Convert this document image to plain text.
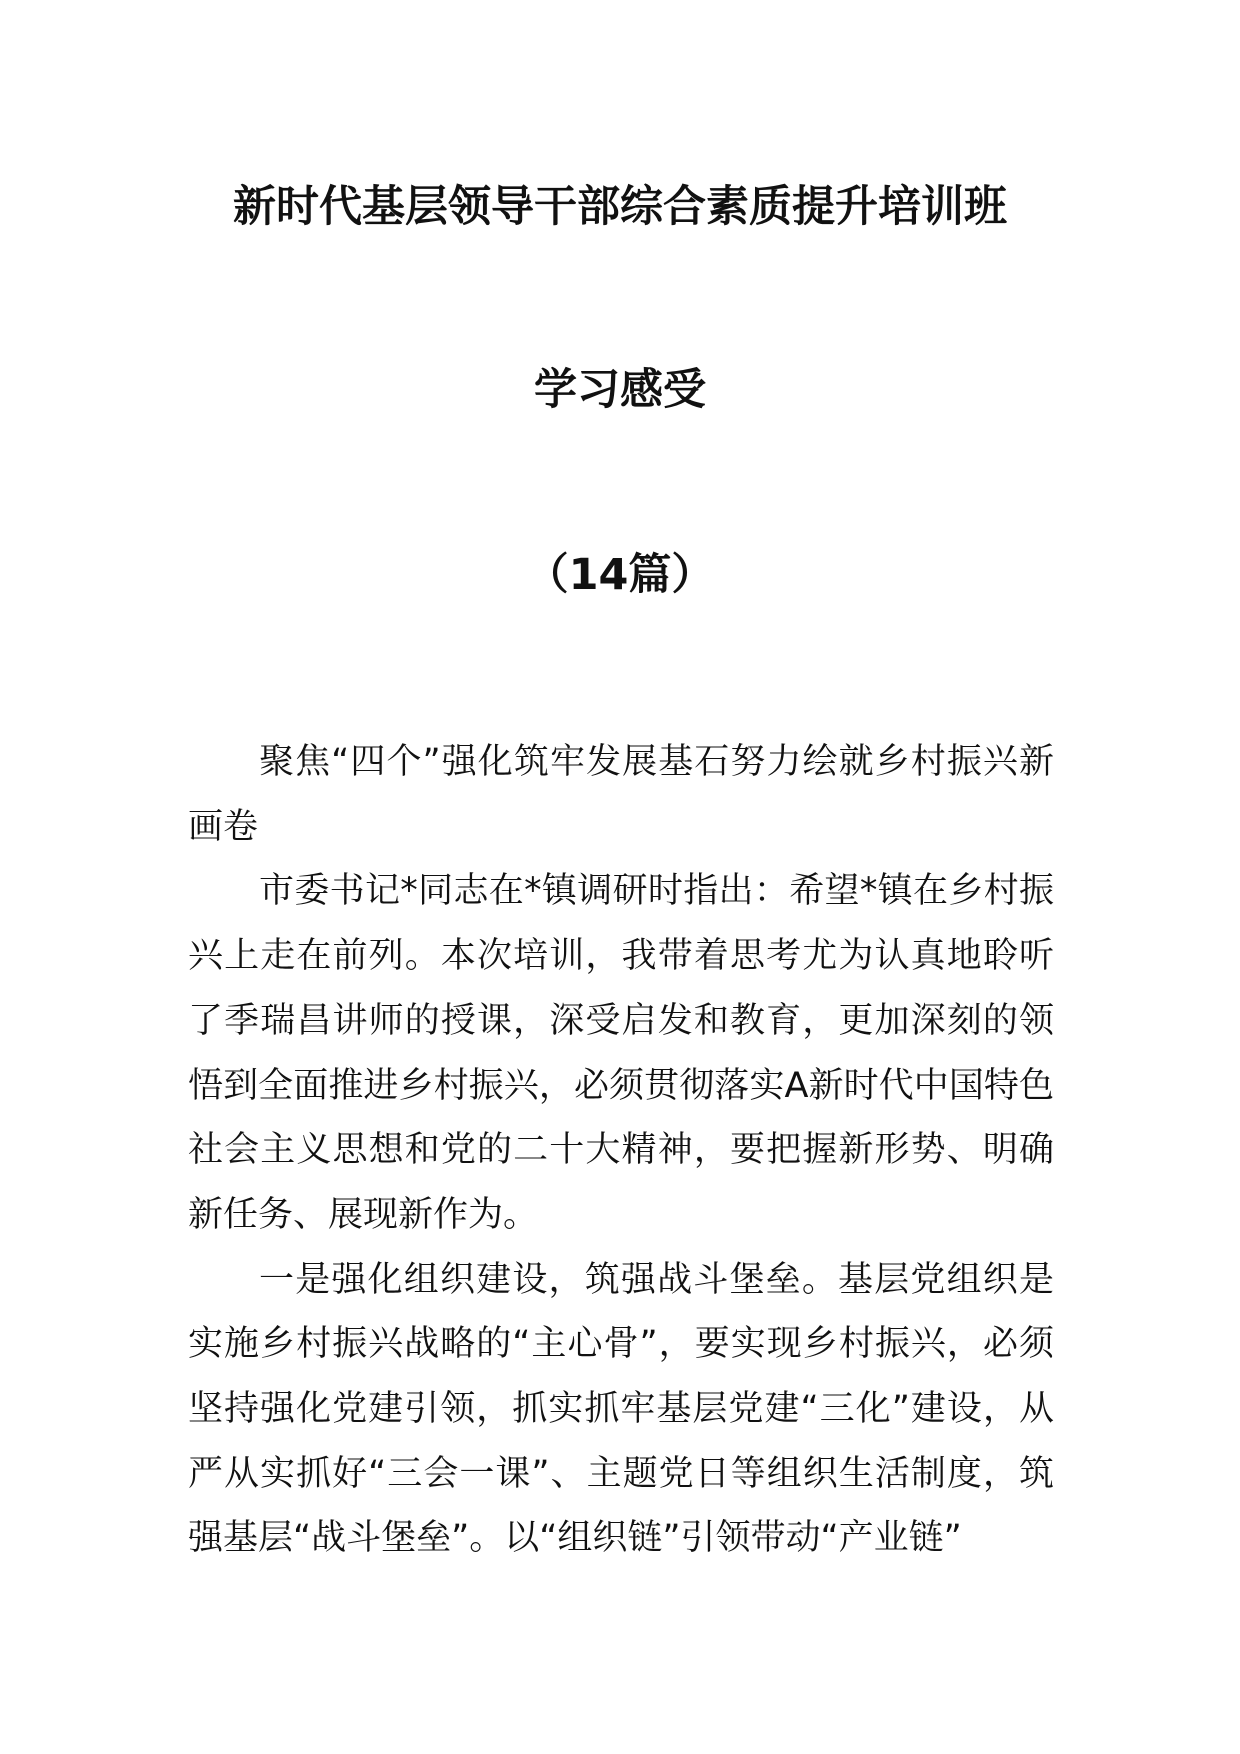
新时代基层领导干部综合素质提升培训班
学习感受
（14篇）

聚焦“四个”强化筑牢发展基石努力绘就乡村振兴新画卷

市委书记*同志在*镇调研时指出：希望*镇在乡村振兴上走在前列。本次培训，我带着思考尤为认真地聆听了季瑞昌讲师的授课，深受启发和教育，更加深刻的领悟到全面推进乡村振兴，必须贯彻落实A新时代中国特色社会主义思想和党的二十大精神，要把握新形势、明确新任务、展现新作为。

一是强化组织建设，筑强战斗堡垒。基层党组织是实施乡村振兴战略的“主心骨”，要实现乡村振兴，必须坚持强化党建引领，抓实抓牢基层党建“三化”建设，从严从实抓好“三会一课”、主题党日等组织生活制度，筑强基层“战斗堡垒”。以“组织链”引领带动“产业链”
